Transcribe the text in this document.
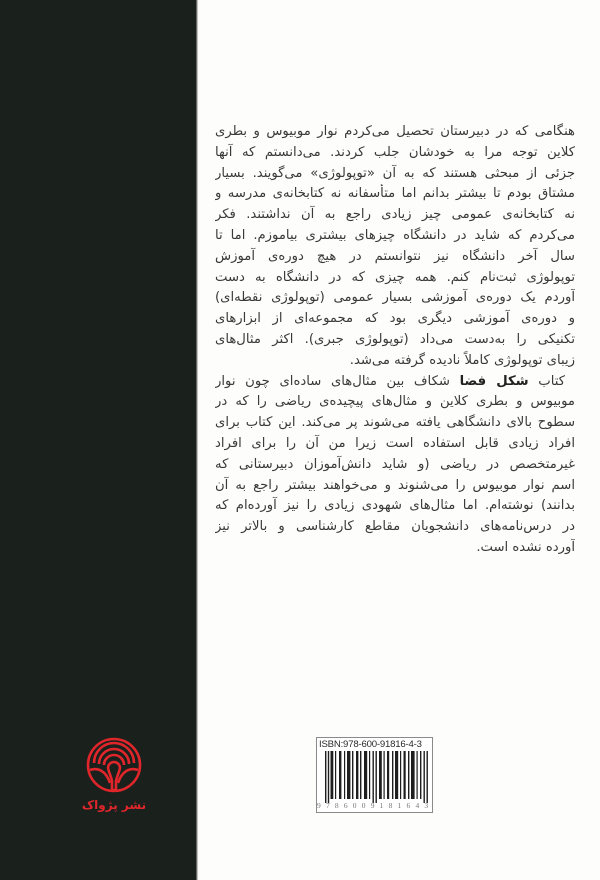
هنگامی که در دبیرستان تحصیل می‌کردم نوار موبیوس و بطری
کلاین توجه مرا به خودشان جلب کردند. می‌دانستم که آنها
جزئی از مبحثی هستند که به آن «توپولوژی» می‌گویند. بسیار
مشتاق بودم تا بیشتر بدانم اما متأسفانه نه کتابخانه‌ی مدرسه و
نه کتابخانه‌ی عمومی چیز زیادی راجع به آن نداشتند. فکر
می‌کردم که شاید در دانشگاه چیزهای بیشتری بیاموزم. اما تا
سال آخر دانشگاه نیز نتوانستم در هیچ دوره‌ی آموزش
توپولوژی ثبت‌نام کنم. همه چیزی که در دانشگاه به دست
آوردم یک دوره‌ی آموزشی بسیار عمومی (توپولوژی نقطه‌ای)
و دوره‌ی آموزشی دیگری بود که مجموعه‌ای از ابزارهای
تکنیکی را به‌دست می‌داد (توپولوژی جبری). اکثر مثال‌های
زیبای توپولوژی کاملاً نادیده گرفته می‌شد.
کتاب شکل فضا شکاف بین مثال‌های ساده‌ای چون نوار
موبیوس و بطری کلاین و مثال‌های پیچیده‌ی ریاضی را که در
سطوح بالای دانشگاهی یافته می‌شوند پر می‌کند. این کتاب برای
افراد زیادی قابل استفاده است زیرا من آن را برای افراد
غیرمتخصص در ریاضی (و شاید دانش‌آموزان دبیرستانی که
اسم نوار موبیوس را می‌شنوند و می‌خواهند بیشتر راجع به آن
بدانند) نوشته‌ام. اما مثال‌های شهودی زیادی را نیز آورده‌ام که
در درس‌نامه‌های دانشجویان مقاطع کارشناسی و بالاتر نیز
آورده نشده است.
نشر پژواک
ISBN:978-600-91816-4-3
9786009181643
